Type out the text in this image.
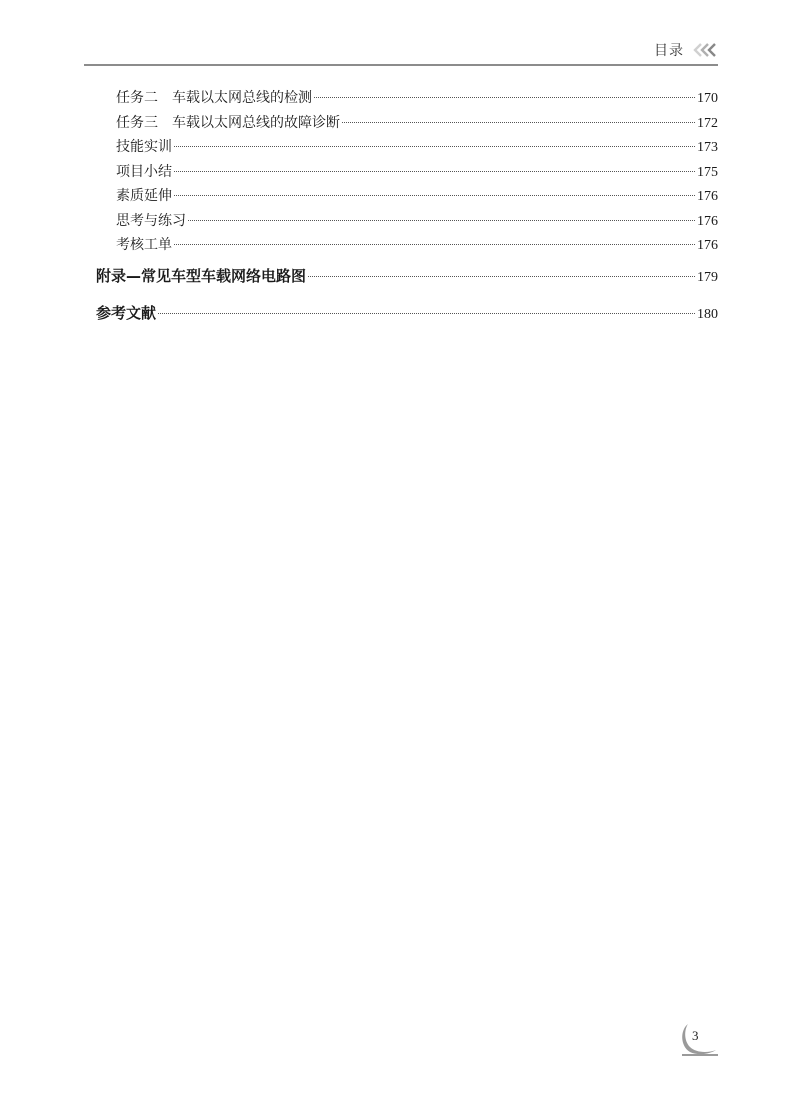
目录
任务二 车载以太网总线的检测	170
任务三 车载以太网总线的故障诊断	172
技能实训	173
项目小结	175
素质延伸	176
思考与练习	176
考核工单	176
附录—常见车型车载网络电路图	179
参考文献	180
3
